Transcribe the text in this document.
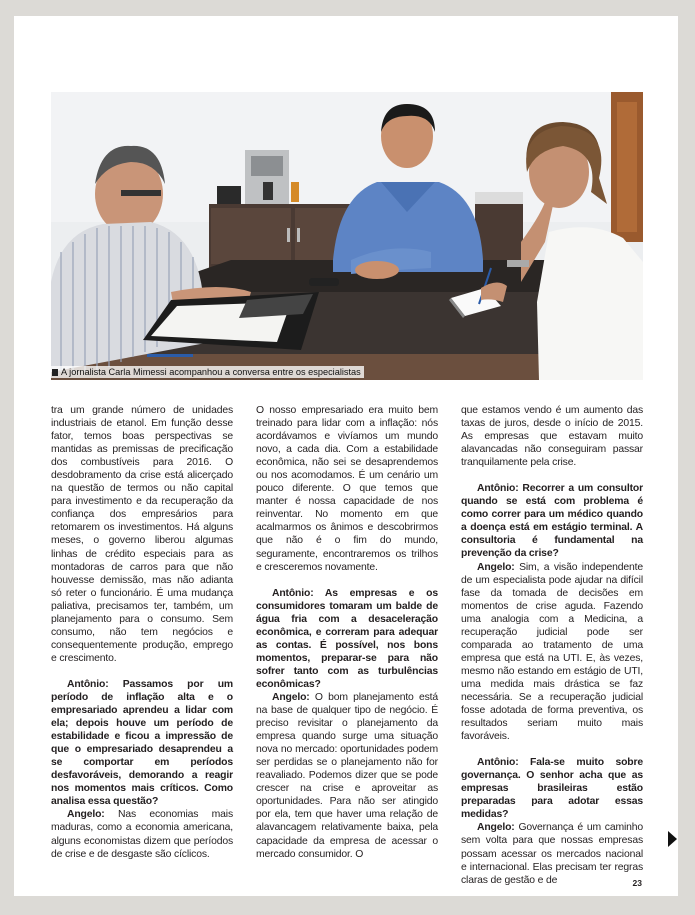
A jornalista Carla Mimessi acompanhou a conversa entre os especialistas

tra um grande número de unidades industriais de etanol. Em função desse fator, temos boas perspectivas se mantidas as premissas de precificação dos combustíveis para 2016. O desdobramento da crise está alicerçado na questão de termos ou não capital para investimento e da recuperação da confiança dos empresários para retomarem os investimentos. Há alguns meses, o governo liberou algumas linhas de crédito especiais para as montadoras de carros para que não houvesse demissão, mas não adianta só reter o funcionário. É uma mudança paliativa, precisamos ter, também, um planejamento para o consumo. Sem consumo, não tem negócios e consequentemente produção, emprego e crescimento.

Antônio: Passamos por um período de inflação alta e o empresariado aprendeu a lidar com ela; depois houve um período de estabilidade e ficou a impressão de que o empresariado desaprendeu a se comportar em períodos desfavoráveis, demorando a reagir nos momentos mais críticos. Como analisa essa questão?

Angelo: Nas economias mais maduras, como a economia americana, alguns economistas dizem que períodos de crise e de desgaste são cíclicos.

O nosso empresariado era muito bem treinado para lidar com a inflação: nós acordávamos e vivíamos um mundo novo, a cada dia. Com a estabilidade econômica, não sei se desaprendemos ou nos acomodamos. É um cenário um pouco diferente. O que temos que manter é nossa capacidade de nos reinventar. No momento em que acalmarmos os ânimos e descobrirmos que não é o fim do mundo, seguramente, encontraremos os trilhos e cresceremos novamente.

Antônio: As empresas e os consumidores tomaram um balde de água fria com a desaceleração econômica, e correram para adequar as contas. É possível, nos bons momentos, preparar-se para não sofrer tanto com as turbulências econômicas?

Angelo: O bom planejamento está na base de qualquer tipo de negócio. É preciso revisitar o planejamento da empresa quando surge uma situação nova no mercado: oportunidades podem ser perdidas se o planejamento não for reavaliado. Podemos dizer que se pode crescer na crise e aproveitar as oportunidades. Para não ser atingido por ela, tem que haver uma relação de alavancagem relativamente baixa, pela capacidade da empresa de acessar o mercado consumidor. O

que estamos vendo é um aumento das taxas de juros, desde o início de 2015. As empresas que estavam muito alavancadas não conseguiram passar tranquilamente pela crise.

Antônio: Recorrer a um consultor quando se está com problema é como correr para um médico quando a doença está em estágio terminal. A consultoria é fundamental na prevenção da crise?

Angelo: Sim, a visão independente de um especialista pode ajudar na difícil fase da tomada de decisões em momentos de crise aguda. Fazendo uma analogia com a Medicina, a recuperação judicial pode ser comparada ao tratamento de uma empresa que está na UTI. E, às vezes, mesmo não estando em estágio de UTI, uma medida mais drástica se faz necessária. Se a recuperação judicial fosse adotada de forma preventiva, os resultados seriam muito mais favoráveis.

Antônio: Fala-se muito sobre governança. O senhor acha que as empresas brasileiras estão preparadas para adotar essas medidas?

Angelo: Governança é um caminho sem volta para que nossas empresas possam acessar os mercados nacional e internacional. Elas precisam ter regras claras de gestão e de	23
